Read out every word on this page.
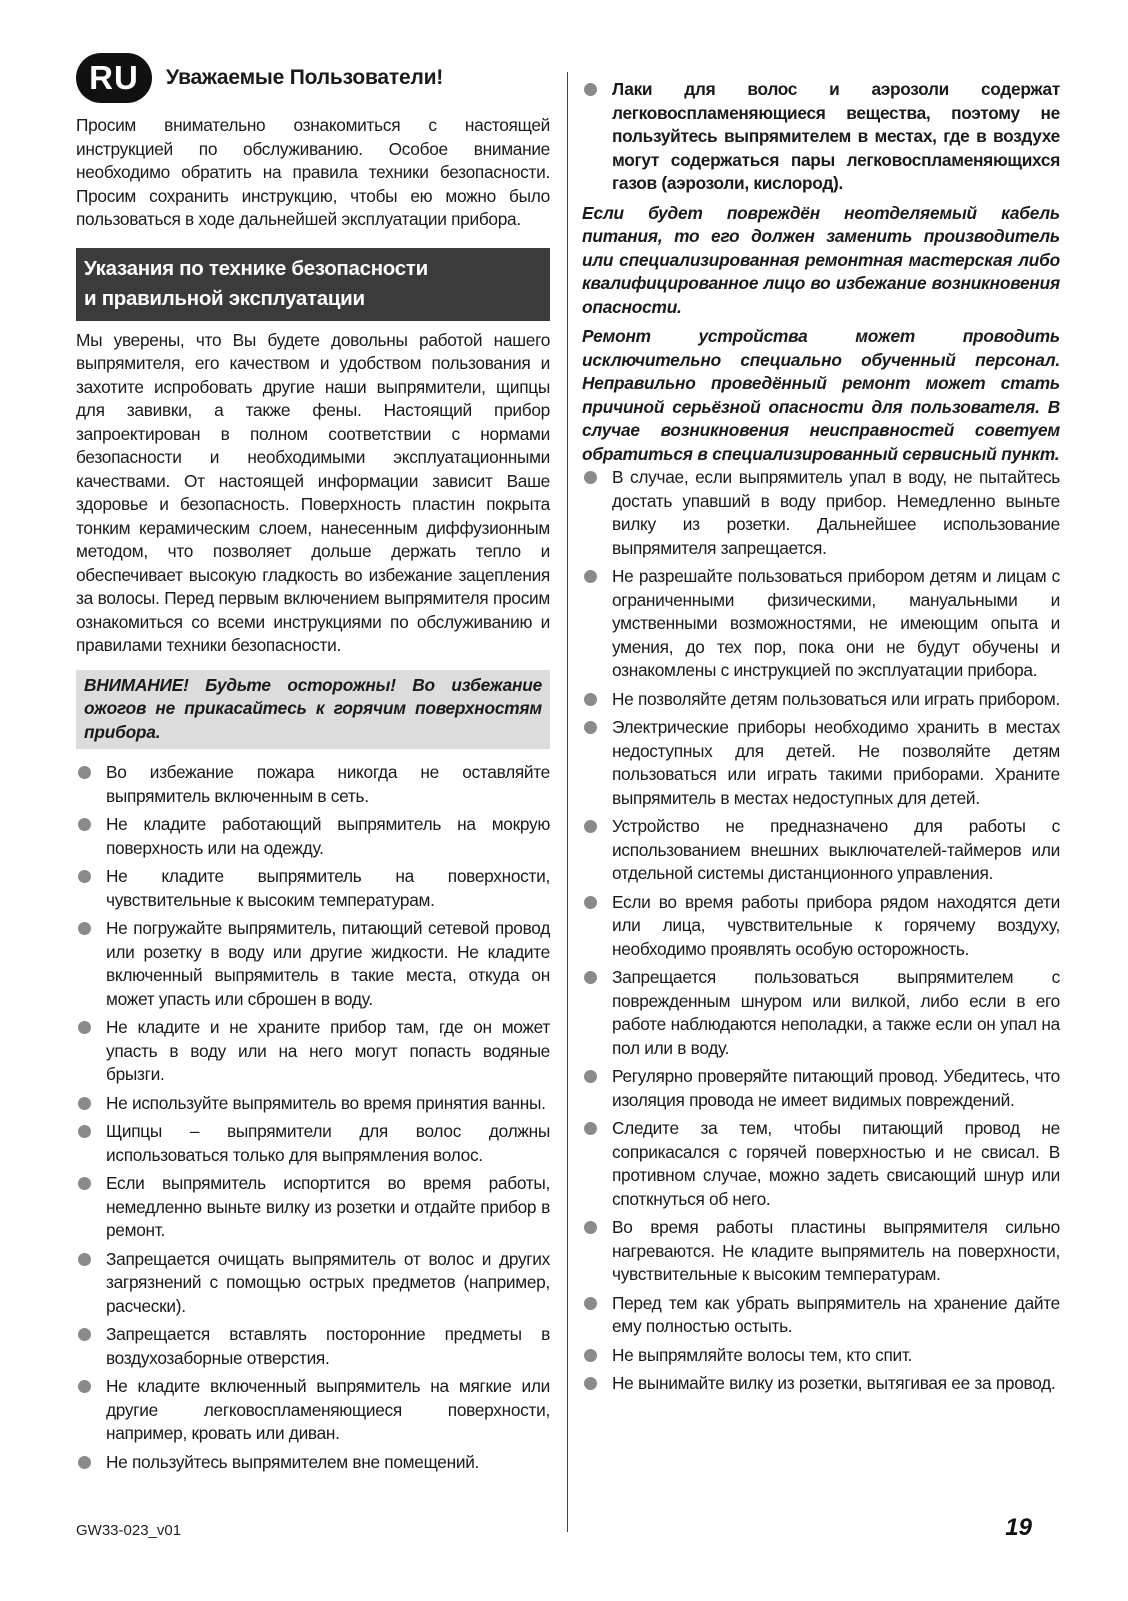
RU	Уважаемые Пользователи!

Просим внимательно ознакомиться с настоящей инструкцией по обслуживанию. Особое внимание необходимо обратить на правила техники безопасности. Просим сохранить инструкцию, чтобы ею можно было пользоваться в ходе дальнейшей эксплуатации прибора.

Указания по технике безопасности
и правильной эксплуатации

Мы уверены, что Вы будете довольны работой нашего выпрямителя, его качеством и удобством пользования и захотите испробовать другие наши выпрямители, щипцы для завивки, а также фены. Настоящий прибор запроектирован в полном соответствии с нормами безопасности и необходимыми эксплуатационными качествами. От настоящей информации зависит Ваше здоровье и безопасность. Поверхность пластин покрыта тонким керамическим слоем, нанесенным диффузионным методом, что позволяет дольше держать тепло и обеспечивает высокую гладкость во избежание зацепления за волосы. Перед первым включением выпрямителя просим ознакомиться со всеми инструкциями по обслуживанию и правилами техники безопасности.

ВНИМАНИЕ! Будьте осторожны! Во избежание ожогов не прикасайтесь к горячим поверхностям прибора.
Во избежание пожара никогда не оставляйте выпрямитель включенным в сеть.
Не кладите работающий выпрямитель на мокрую поверхность или на одежду.
Не кладите выпрямитель на поверхности, чувствительные к высоким температурам.
Не погружайте выпрямитель, питающий сетевой провод или розетку в воду или другие жидкости. Не кладите включенный выпрямитель в такие места, откуда он может упасть или сброшен в воду.
Не кладите и не храните прибор там, где он может упасть в воду или на него могут попасть водяные брызги.
Не используйте выпрямитель во время принятия ванны.
Щипцы – выпрямители для волос должны использоваться только для выпрямления волос.
Если выпрямитель испортится во время работы, немедленно выньте вилку из розетки и отдайте прибор в ремонт.
Запрещается очищать выпрямитель от волос и других загрязнений с помощью острых предметов (например, расчески).
Запрещается вставлять посторонние предметы в воздухозаборные отверстия.
Не кладите включенный выпрямитель на мягкие или другие легковоспламеняющиеся поверхности, например, кровать или диван.
Не пользуйтесь выпрямителем вне помещений.
Лаки для волос и аэрозоли содержат легковоспламеняющиеся вещества, поэтому не пользуйтесь выпрямителем в местах, где в воздухе могут содержаться пары легковоспламеняющихся газов (аэрозоли, кислород).

Если будет повреждён неотделяемый кабель питания, то его должен заменить производитель или специализированная ремонтная мастерская либо квалифицированное лицо во избежание возникновения опасности.

Ремонт устройства может проводить исключительно специально обученный персонал. Неправильно проведённый ремонт может стать причиной серьёзной опасности для пользователя. В случае возникновения неисправностей советуем обратиться в специализированный сервисный пункт.

В случае, если выпрямитель упал в воду, не пытайтесь достать упавший в воду прибор. Немедленно выньте вилку из розетки. Дальнейшее использование выпрямителя запрещается.
Не разрешайте пользоваться прибором детям и лицам с ограниченными физическими, мануальными и умственными возможностями, не имеющим опыта и умения, до тех пор, пока они не будут обучены и ознакомлены с инструкцией по эксплуатации прибора.
Не позволяйте детям пользоваться или играть прибором.
Электрические приборы необходимо хранить в местах недоступных для детей. Не позволяйте детям пользоваться или играть такими приборами. Храните выпрямитель в местах недоступных для детей.
Устройство не предназначено для работы с использованием внешних выключателей-таймеров или отдельной системы дистанционного управления.
Если во время работы прибора рядом находятся дети или лица, чувствительные к горячему воздуху, необходимо проявлять особую осторожность.
Запрещается пользоваться выпрямителем с поврежденным шнуром или вилкой, либо если в его работе наблюдаются неполадки, а также если он упал на пол или в воду.
Регулярно проверяйте питающий провод. Убедитесь, что изоляция провода не имеет видимых повреждений.
Следите за тем, чтобы питающий провод не соприкасался с горячей поверхностью и не свисал. В противном случае, можно задеть свисающий шнур или споткнуться об него.
Во время работы пластины выпрямителя сильно нагреваются. Не кладите выпрямитель на поверхности, чувствительные к высоким температурам.
Перед тем как убрать выпрямитель на хранение дайте ему полностью остыть.
Не выпрямляйте волосы тем, кто спит.
Не вынимайте вилку из розетки, вытягивая ее за провод.
GW33-023_v01	19
